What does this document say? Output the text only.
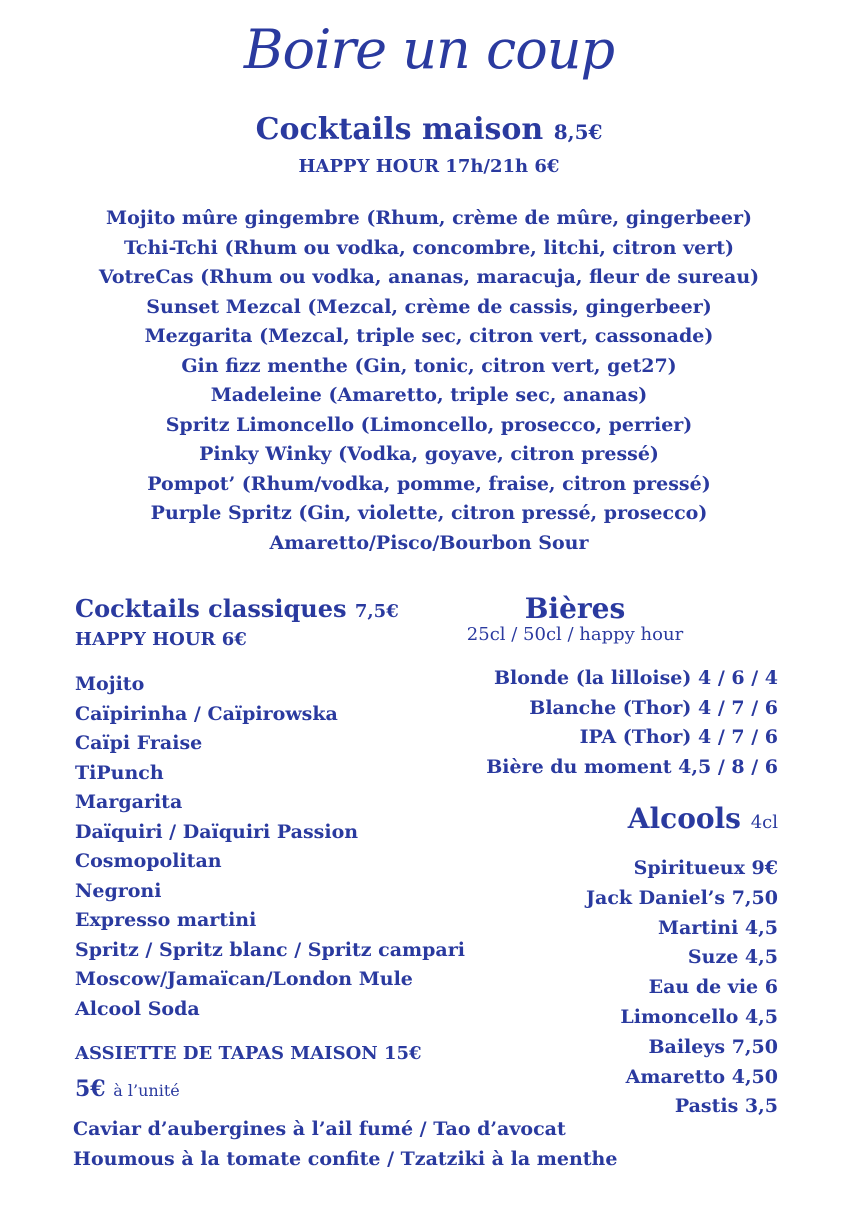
Boire un coup
Cocktails maison 8,5€
HAPPY HOUR 17h/21h 6€
Mojito mûre gingembre (Rhum, crème de mûre, gingerbeer)
Tchi-Tchi (Rhum ou vodka, concombre, litchi, citron vert)
VotreCas (Rhum ou vodka, ananas, maracuja, fleur de sureau)
Sunset Mezcal (Mezcal, crème de cassis, gingerbeer)
Mezgarita (Mezcal, triple sec, citron vert, cassonade)
Gin fizz menthe (Gin, tonic, citron vert, get27)
Madeleine (Amaretto, triple sec, ananas)
Spritz Limoncello (Limoncello, prosecco, perrier)
Pinky Winky (Vodka, goyave, citron pressé)
Pompot’ (Rhum/vodka, pomme, fraise, citron pressé)
Purple Spritz (Gin, violette, citron pressé, prosecco)
Amaretto/Pisco/Bourbon Sour
Cocktails classiques 7,5€
HAPPY HOUR 6€
Mojito
Caïpirinha / Caïpirowska
Caïpi Fraise
TiPunch
Margarita
Daïquiri / Daïquiri Passion
Cosmopolitan
Negroni
Expresso martini
Spritz / Spritz blanc / Spritz campari
Moscow/Jamaïcan/London Mule
Alcool Soda
Bières
25cl / 50cl / happy hour
Blonde (la lilloise) 4 / 6 / 4
Blanche (Thor) 4 / 7 / 6
IPA (Thor) 4 / 7 / 6
Bière du moment 4,5 / 8 / 6
Alcools 4cl
Spiritueux 9€
Jack Daniel’s 7,50
Martini 4,5
Suze 4,5
Eau de vie 6
Limoncello 4,5
Baileys 7,50
Amaretto 4,50
Pastis 3,5
ASSIETTE DE TAPAS MAISON 15€
5€ à l’unité
Caviar d’aubergines à l’ail fumé / Tao d’avocat
Houmous à la tomate confite / Tzatziki à la menthe
